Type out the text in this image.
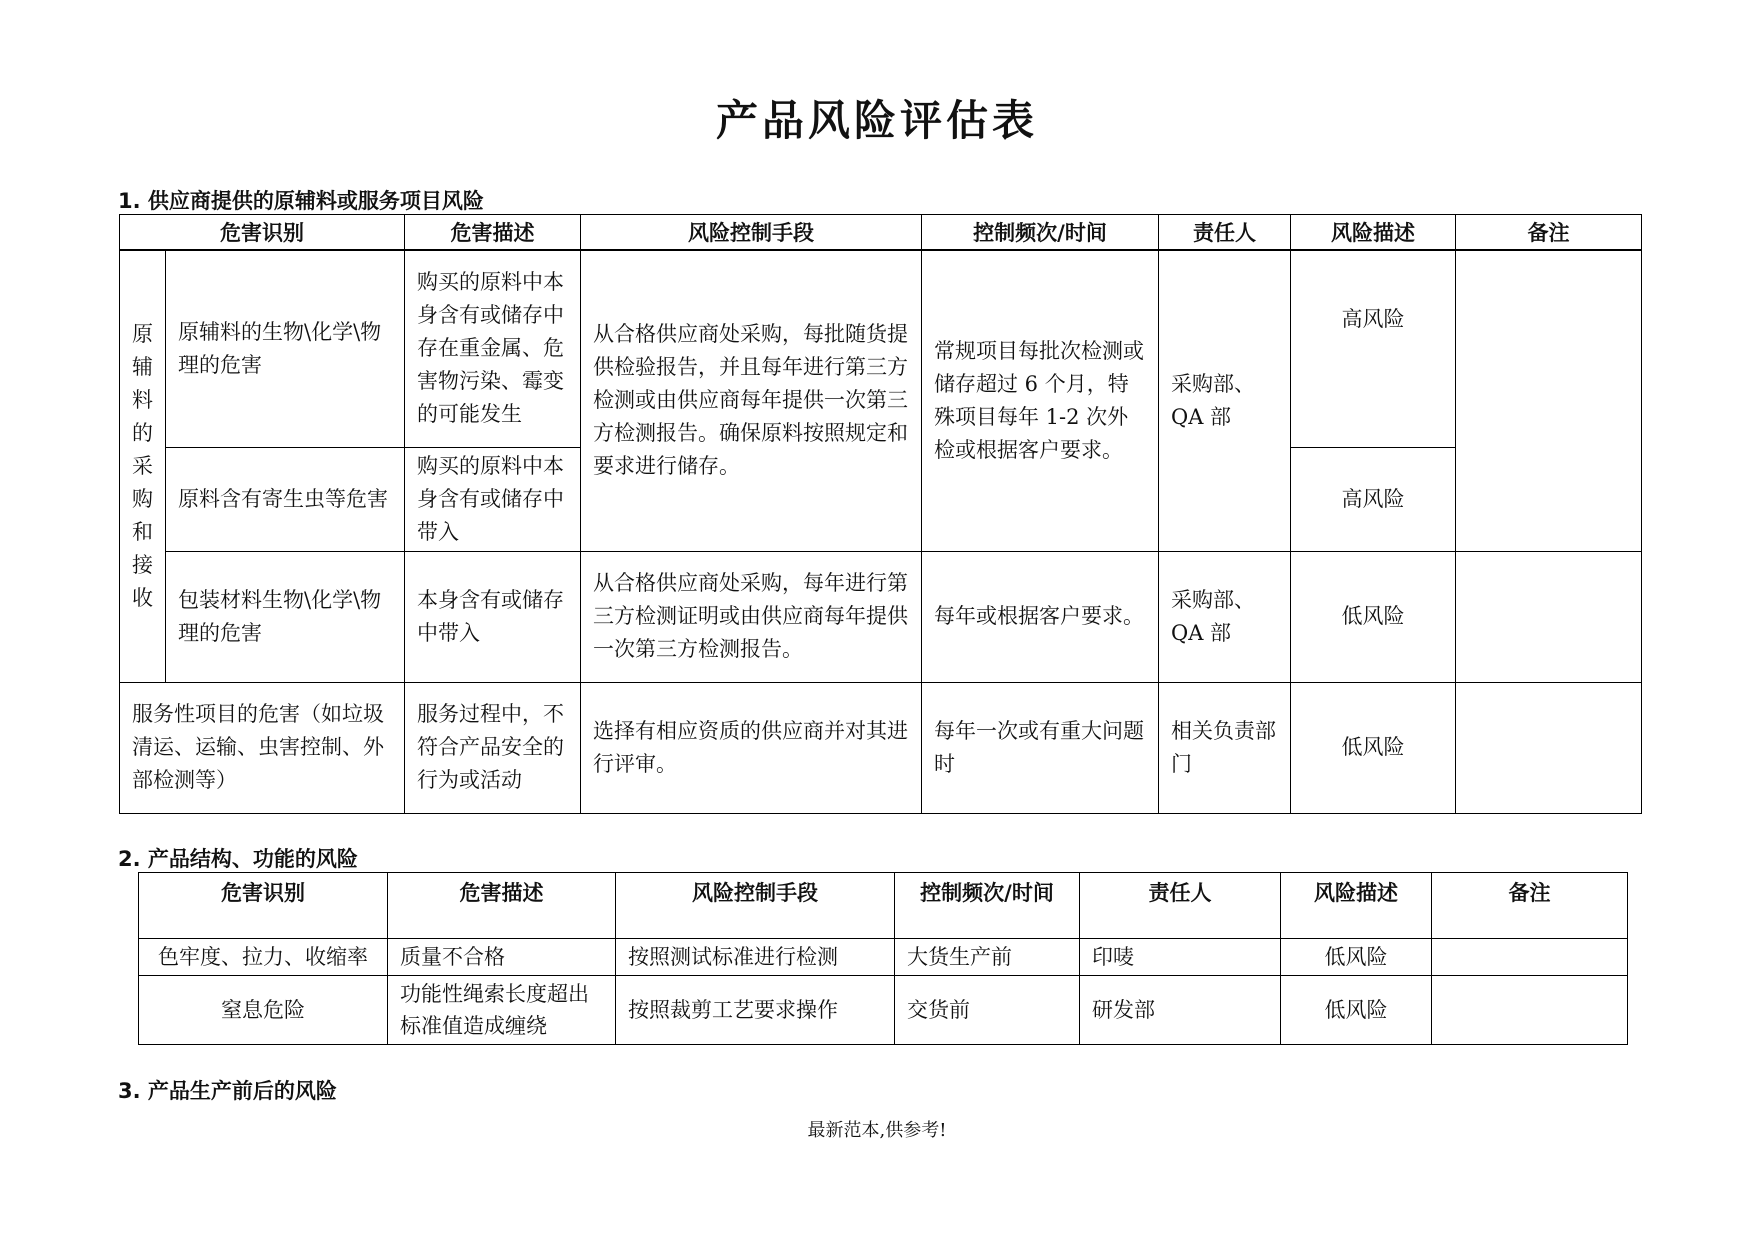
产品风险评估表
1. 供应商提供的原辅料或服务项目风险
危害识别		危害描述	风险控制手段	控制频次/时间	责任人	风险描述	备注

原辅料的采购和接收	原辅料的生物\化学\物理的危害	购买的原料中本身含有或储存中存在重金属、危害物污染、霉变的可能发生	从合格供应商处采购，每批随货提供检验报告，并且每年进行第三方检测或由供应商每年提供一次第三方检测报告。确保原料按照规定和要求进行储存。	常规项目每批次检测或储存超过 6 个月，特殊项目每年 1-2 次外检或根据客户要求。	采购部、QA 部	高风险	
	原料含有寄生虫等危害	购买的原料中本身含有或储存中带入				高风险	
	包装材料生物\化学\物理的危害	本身含有或储存中带入	从合格供应商处采购，每年进行第三方检测证明或由供应商每年提供一次第三方检测报告。	每年或根据客户要求。	采购部、QA 部	低风险	
服务性项目的危害（如垃圾清运、运输、虫害控制、外部检测等）		服务过程中，不符合产品安全的行为或活动	选择有相应资质的供应商并对其进行评审。	每年一次或有重大问题时	相关负责部门	低风险	
2. 产品结构、功能的风险
危害识别	危害描述	风险控制手段	控制频次/时间	责任人	风险描述	备注
色牢度、拉力、收缩率	质量不合格	按照测试标准进行检测	大货生产前	印唛	低风险	
窒息危险	功能性绳索长度超出标准值造成缠绕	按照裁剪工艺要求操作	交货前	研发部	低风险	
3. 产品生产前后的风险
最新范本,供参考!
